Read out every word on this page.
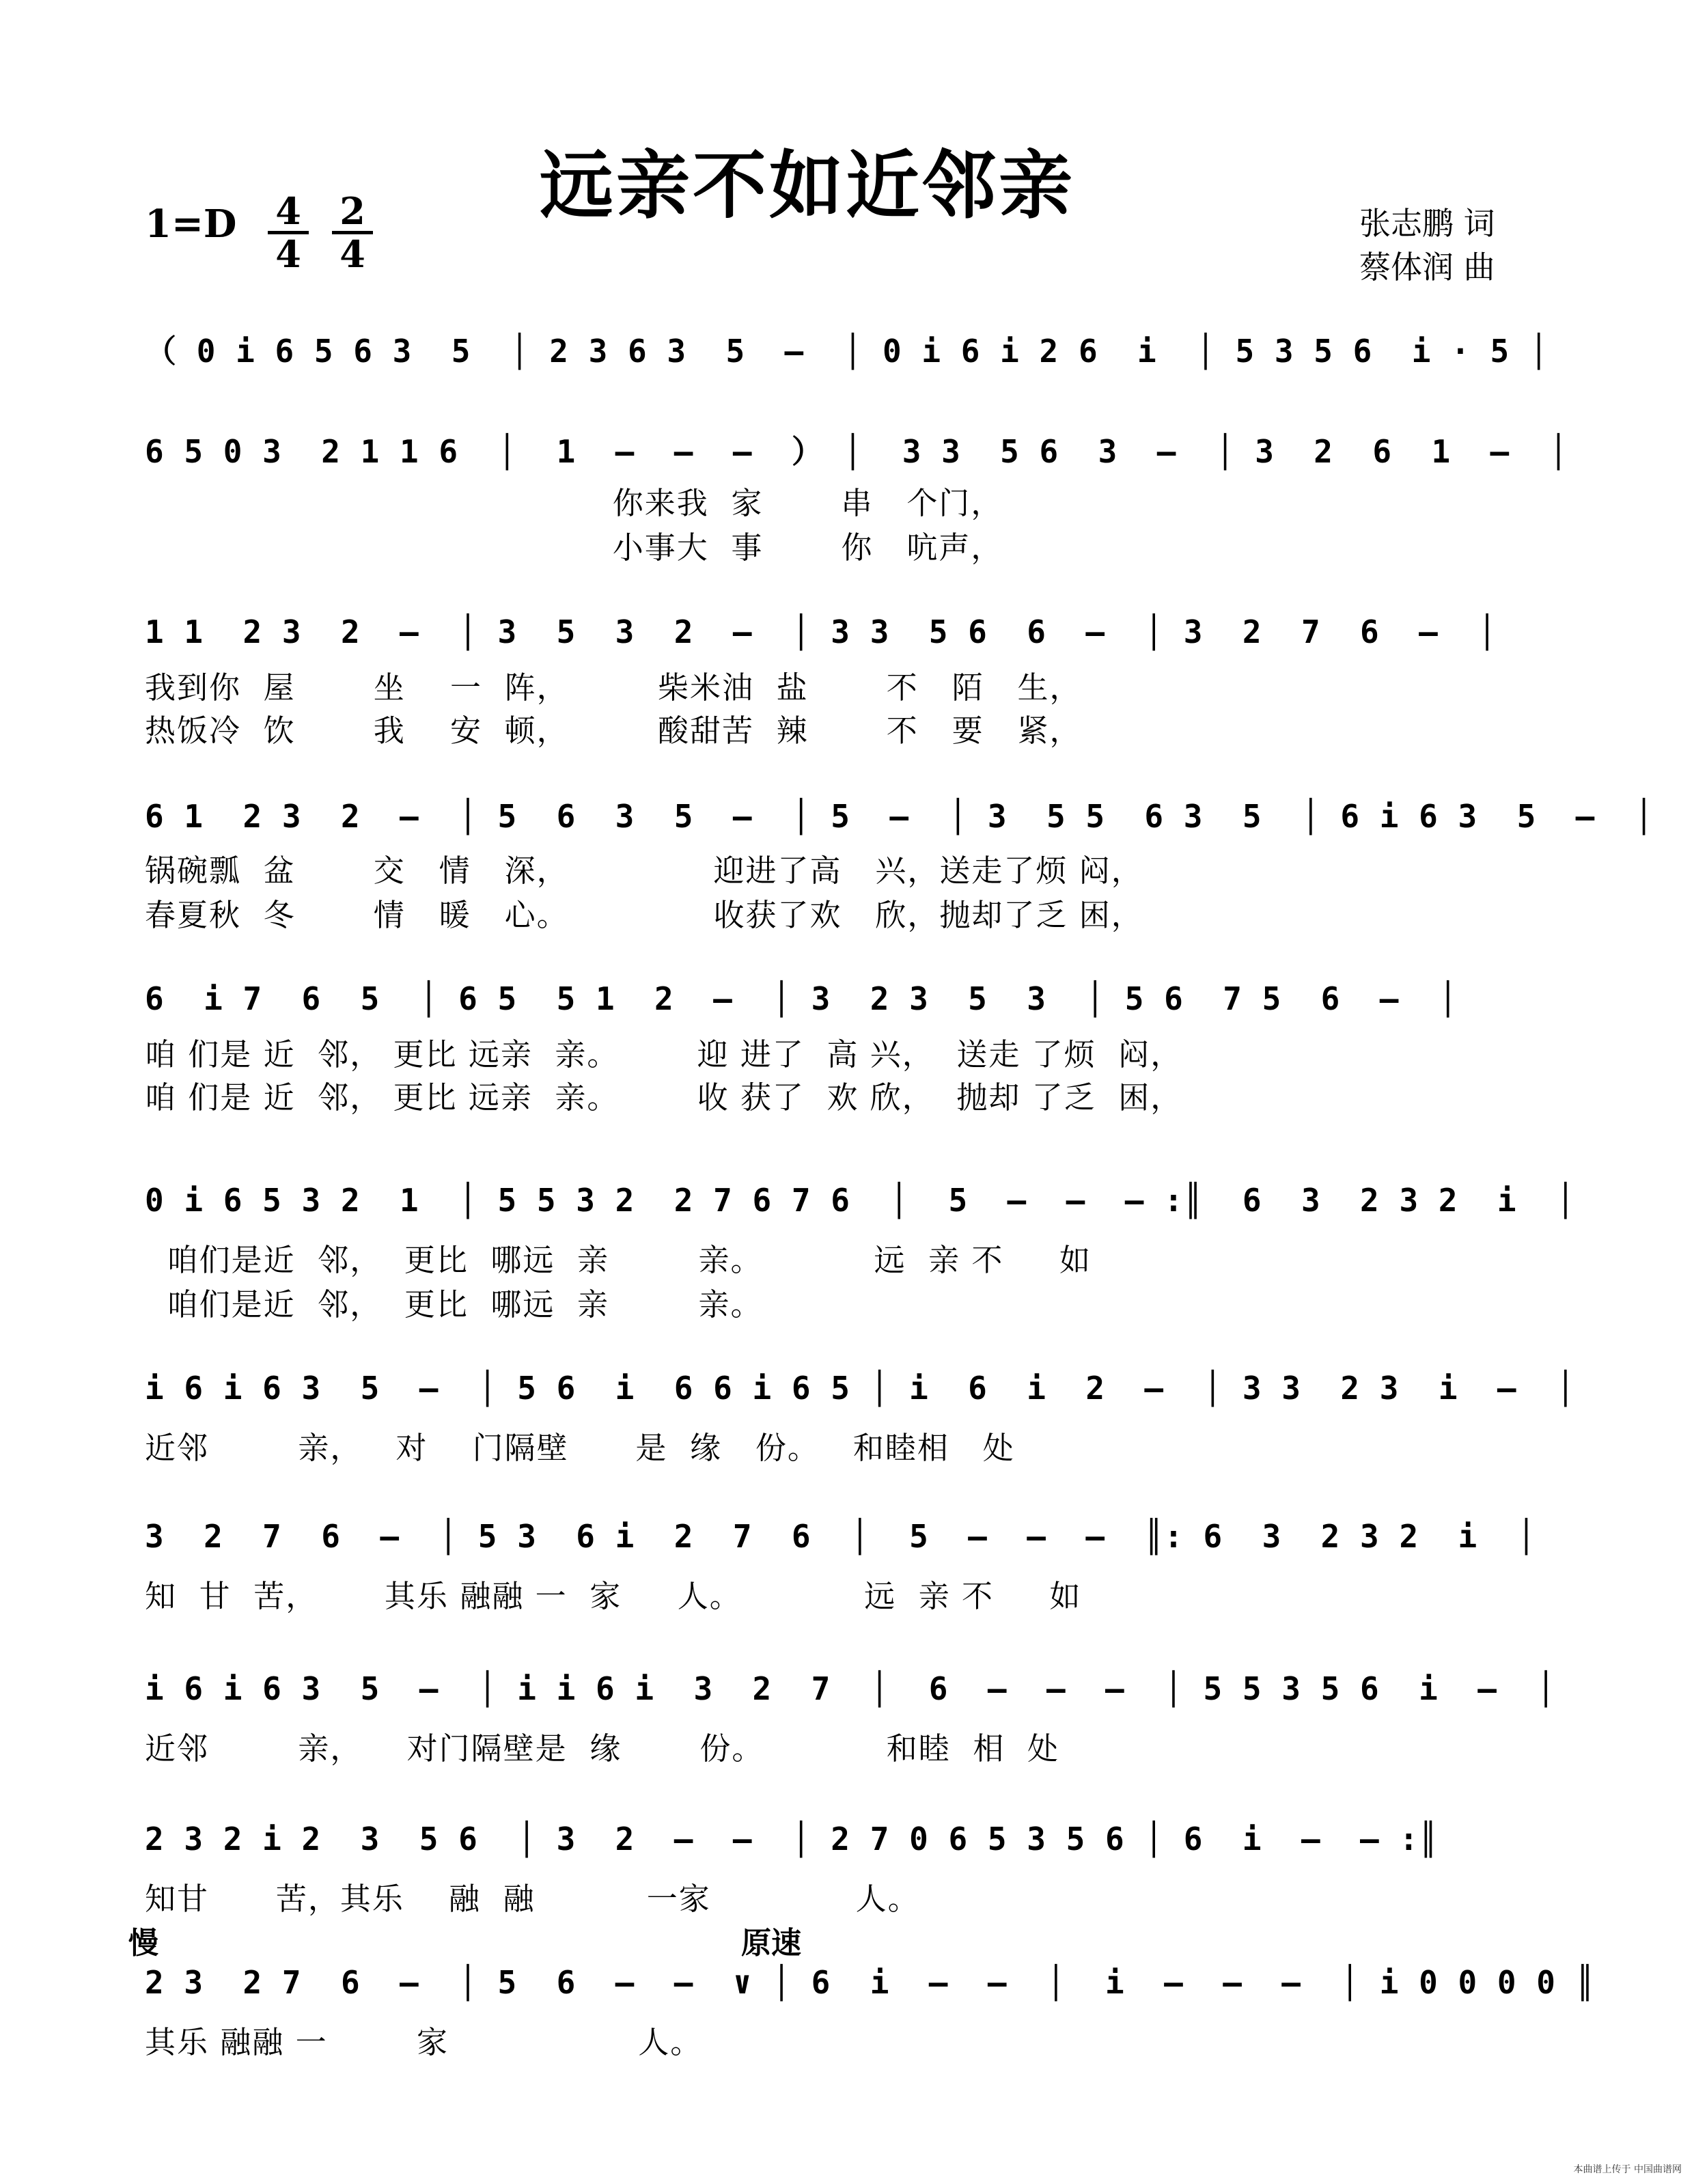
远亲不如近邻亲
1=D 4
4
2
4
张志鹏 词
蔡体润 曲
（ 0 i 6 5 6 3  5  │ 2 3 6 3  5  –  │ 0 i 6 i 2 6  i  │ 5 3 5 6  i · 5 │
6 5 0 3  2 1 1 6  │  1  –  –  –  ） │  3 3  5 6  3  –  │ 3  2  6  1  –  │
你来我  家       串   个门，
小事大  事       你   吭声，
1 1  2 3  2  –  │ 3  5  3  2  –  │ 3 3  5 6  6  –  │ 3  2  7  6  –  │
我到你  屋       坐    一  阵，        柴米油  盐       不   陌   生，
热饭冷  饮       我    安  顿，        酸甜苦  辣       不   要   紧，
6 1  2 3  2  –  │ 5  6  3  5  –  │ 5  –  │ 3  5 5  6 3  5  │ 6 i 6 3  5  –  │
锅碗瓢  盆       交   情   深，             迎进了高   兴，送走了烦 闷，
春夏秋  冬       情   暖   心。             收获了欢   欣，抛却了乏 困，
6  i 7  6  5  │ 6 5  5 1  2  –  │ 3  2 3  5  3  │ 5 6  7 5  6  –  │
咱 们是 近  邻， 更比 远亲  亲。       迎 进了  高 兴，  送走 了烦  闷，
咱 们是 近  邻， 更比 远亲  亲。       收 获了  欢 欣，  抛却 了乏  困，
0 i 6 5 3 2  1  │ 5 5 3 2  2 7 6 7 6  │  5  –  –  – :║  6  3  2 3 2  i  │
咱们是近  邻，  更比  哪远  亲        亲。          远  亲 不     如
咱们是近  邻，  更比  哪远  亲        亲。
i 6 i 6 3  5  –  │ 5 6  i  6 6 i 6 5 │ i  6  i  2  –  │ 3 3  2 3  i  –  │
近邻        亲，   对    门隔壁      是  缘   份。   和睦相   处
3  2  7  6  –  │ 5 3  6 i  2  7  6  │  5  –  –  –  ║: 6  3  2 3 2  i  │
知  甘  苦，      其乐 融融 一  家     人。           远  亲 不     如
i 6 i 6 3  5  –  │ i i 6 i  3  2  7  │  6  –  –  –  │ 5 5 3 5 6  i  –  │
近邻        亲，    对门隔壁是  缘       份。           和睦  相  处
2 3 2 i 2  3  5 6  │ 3  2  –  –  │ 2 7 0 6 5 3 5 6 │ 6  i  –  – :║
知甘      苦，其乐    融  融          一家             人。
慢	原速
2 3  2 7  6  –  │ 5  6  –  –  ∨ │ 6  i  –  –  │  i  –  –  –  │ i 0 0 0 0 ║
其乐 融融 一        家                 人。
本曲谱上传于 中国曲谱网
